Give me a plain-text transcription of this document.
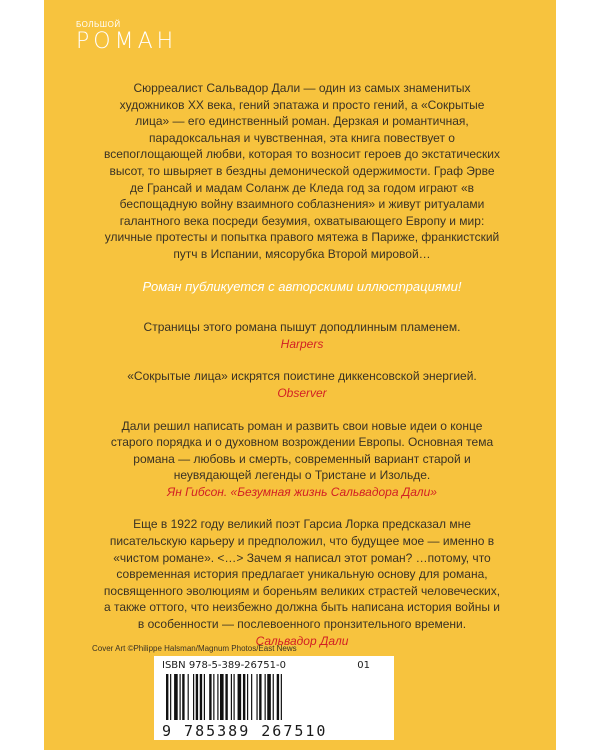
БОЛЬШОЙ
РОМАН

Сюрреалист Сальвадор Дали — один из самых знаменитых художников XX века, гений эпатажа и просто гений, а «Сокрытые лица» — его единственный роман. Дерзкая и романтичная, парадоксальная и чувственная, эта книга повествует о всепоглощающей любви, которая то возносит героев до экстатических высот, то швыряет в бездны демонической одержимости. Граф Эрве де Грансай и мадам Соланж де Кледа год за годом играют «в беспощадную войну взаимного соблазнения» и живут ритуалами галантного века посреди безумия, охватывающего Европу и мир: уличные протесты и попытка правого мятежа в Париже, франкистский путч в Испании, мясорубка Второй мировой…

Роман публикуется с авторскими иллюстрациями!

Страницы этого романа пышут доподлинным пламенем.
Harpers
«Сокрытые лица» искрятся поистине диккенсовской энергией.
Observer
Дали решил написать роман и развить свои новые идеи о конце старого порядка и о духовном возрождении Европы. Основная тема романа — любовь и смерть, современный вариант старой и неувядающей легенды о Тристане и Изольде.
Ян Гибсон. «Безумная жизнь Сальвадора Дали»
Еще в 1922 году великий поэт Гарсиа Лорка предсказал мне писательскую карьеру и предположил, что будущее мое — именно в «чистом романе». <…> Зачем я написал этот роман? …потому, что современная история предлагает уникальную основу для романа, посвященного эволюциям и бореньям великих страстей человеческих, а также оттого, что неизбежно должна быть написана история войны и в особенности — послевоенного пронзительного времени.
Сальвадор Дали
Cover Art ©Philippe Halsman/Magnum Photos/East News
ISBN 978-5-389-26751-0	01
9 785389 267510
